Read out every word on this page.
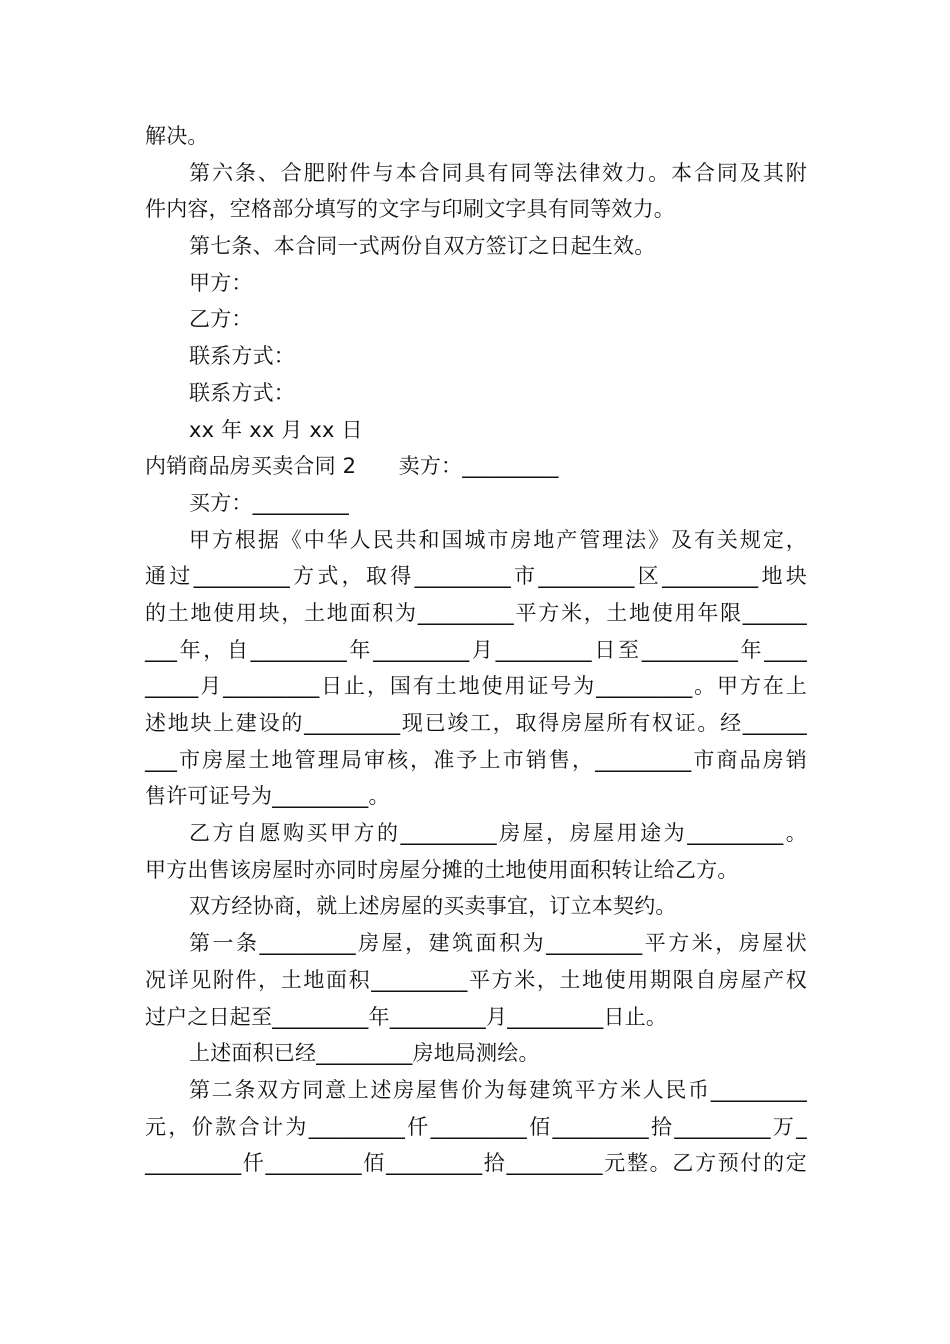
解决。
第六条、合肥附件与本合同具有同等法律效力。本合同及其附
件内容，空格部分填写的文字与印刷文字具有同等效力。
第七条、本合同一式两份自双方签订之日起生效。
甲方：
乙方：
联系方式：
联系方式：
xx 年 xx 月 xx 日
内销商品房买卖合同 2　　卖方：_________
买方：_________
甲方根据《中华人民共和国城市房地产管理法》及有关规定，
通过_________方式，取得_________市_________区_________地块
的土地使用块，土地面积为_________平方米，土地使用年限______
___年，自_________年_________月_________日至_________年____
_____月_________日止，国有土地使用证号为_________。甲方在上
述地块上建设的_________现已竣工，取得房屋所有权证。经______
___市房屋土地管理局审核，准予上市销售，_________市商品房销
售许可证号为_________。
乙方自愿购买甲方的_________房屋，房屋用途为_________。
甲方出售该房屋时亦同时房屋分摊的土地使用面积转让给乙方。
双方经协商，就上述房屋的买卖事宜，订立本契约。
第一条_________房屋，建筑面积为_________平方米，房屋状
况详见附件，土地面积_________平方米，土地使用期限自房屋产权
过户之日起至_________年_________月_________日止。
上述面积已经_________房地局测绘。
第二条双方同意上述房屋售价为每建筑平方米人民币_________
元，价款合计为_________仟_________佰_________拾_________万_
_________仟_________佰_________拾_________元整。乙方预付的定
